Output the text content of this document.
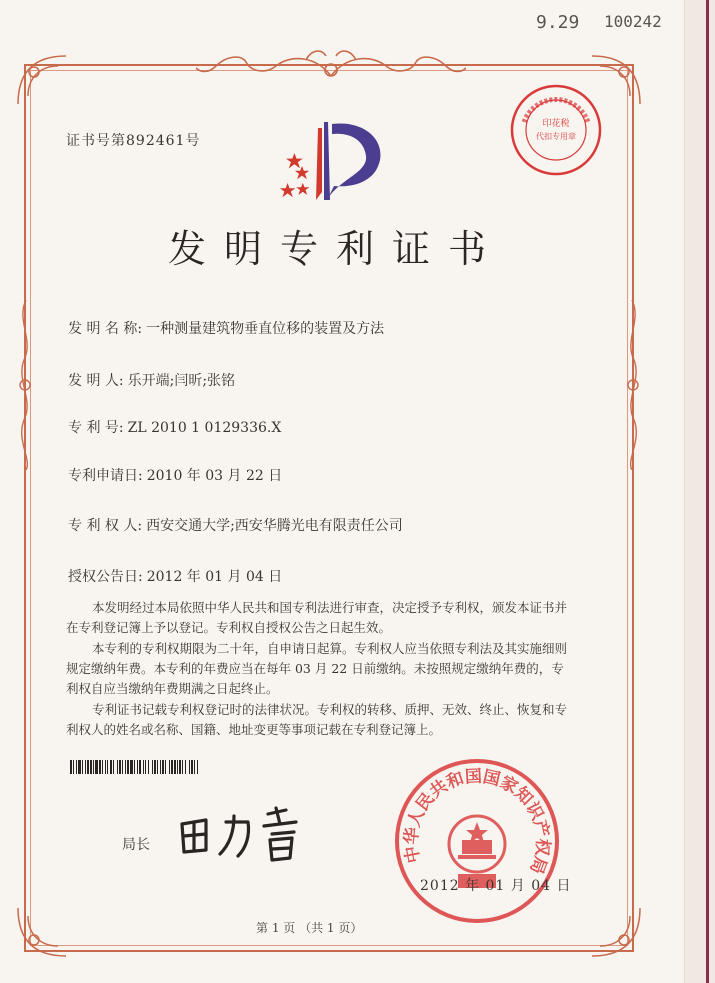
9.29 100242
印花税
代扣专用章
证书号第892461号
发明专利证书
发 明 名 称: 一种测量建筑物垂直位移的装置及方法
发 明 人: 乐开端;闫昕;张铭
专 利 号: ZL 2010 1 0129336.X
专利申请日: 2010 年 03 月 22 日
专 利 权 人: 西安交通大学;西安华腾光电有限责任公司
授权公告日: 2012 年 01 月 04 日

本发明经过本局依照中华人民共和国专利法进行审查，决定授予专利权，颁发本证书并在专利登记簿上予以登记。专利权自授权公告之日起生效。

本专利的专利权期限为二十年，自申请日起算。专利权人应当依照专利法及其实施细则规定缴纳年费。本专利的年费应当在每年 03 月 22 日前缴纳。未按照规定缴纳年费的，专利权自应当缴纳年费期满之日起终止。

专利证书记载专利权登记时的法律状况。专利权的转移、质押、无效、终止、恢复和专利权人的姓名或名称、国籍、地址变更等事项记载在专利登记簿上。

局长	中华人民共和国国家知识产权局
2012 年 01 月 04 日
第 1 页 （共 1 页）
